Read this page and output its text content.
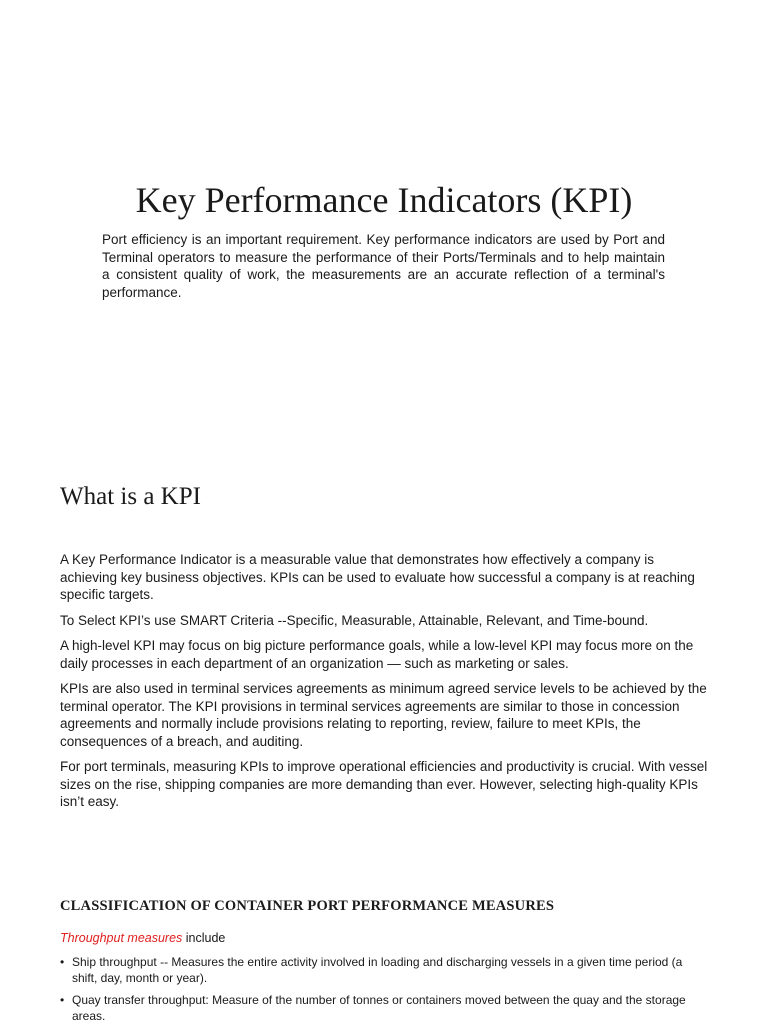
Key Performance Indicators (KPI)

Port efficiency is an important requirement. Key performance indicators are used by Port and Terminal operators to measure the performance of their Ports/Terminals and to help maintain a consistent quality of work, the measurements are an accurate reflection of a terminal's performance.

What is a KPI

A Key Performance Indicator is a measurable value that demonstrates how effectively a company is achieving key business objectives. KPIs can be used to evaluate how successful a company is at reaching specific targets.

To Select KPI’s use SMART Criteria --Specific, Measurable, Attainable, Relevant, and Time-bound.

A high-level KPI may focus on big picture performance goals, while a low-level KPI may focus more on the daily processes in each department of an organization — such as marketing or sales.

KPIs are also used in terminal services agreements as minimum agreed service levels to be achieved by the terminal operator. The KPI provisions in terminal services agreements are similar to those in concession agreements and normally include provisions relating to reporting, review, failure to meet KPIs, the consequences of a breach, and auditing.

For port terminals, measuring KPIs to improve operational efficiencies and productivity is crucial. With vessel sizes on the rise, shipping companies are more demanding than ever. However, selecting high-quality KPIs isn’t easy.

CLASSIFICATION OF CONTAINER PORT PERFORMANCE MEASURES

Throughput measures include

• Ship throughput -- Measures the entire activity involved in loading and discharging vessels in a given time period (a shift, day, month or year).
• Quay transfer throughput: Measure of the number of tonnes or containers moved between the quay and the storage areas.
